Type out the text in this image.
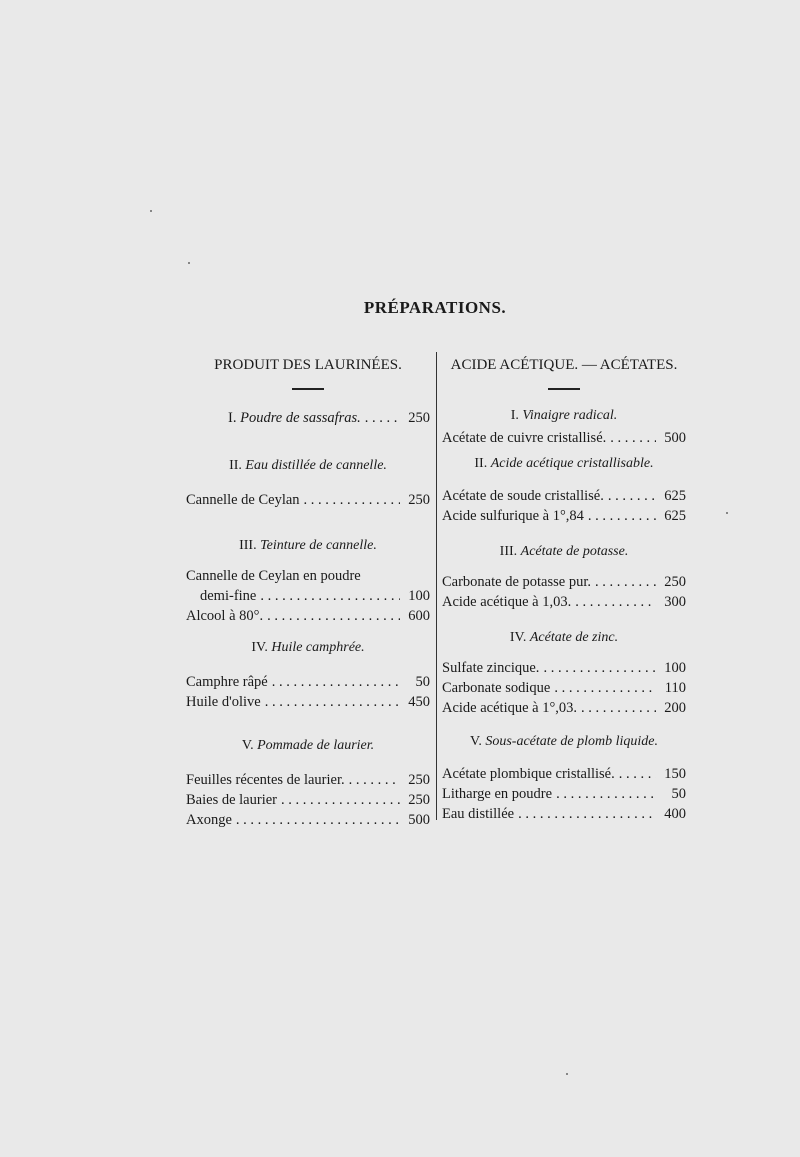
PRÉPARATIONS.
PRODUIT DES LAURINÉES.
I. Poudre de sassafras. . . .	250
II. Eau distillée de cannelle.
Cannelle de Ceylan . . .	250
III. Teinture de cannelle.
Cannelle de Ceylan en poudre
demi-fine . . .	100
Alcool à 80°. . . .	600
IV. Huile camphrée.
Camphre râpé . . .	50
Huile d'olive . . .	450
V. Pommade de laurier.
Feuilles récentes de laurier. . . .	250
Baies de laurier . . .	250
Axonge . . .	500
ACIDE ACÉTIQUE. — ACÉTATES.
I. Vinaigre radical.
Acétate de cuivre cristallisé. . . .	500
II. Acide acétique cristallisable.
Acétate de soude cristallisé. . . .	625
Acide sulfurique à 1°,84 . . .	625
III. Acétate de potasse.
Carbonate de potasse pur. . . .	250
Acide acétique à 1,03. . . .	300
IV. Acétate de zinc.
Sulfate zincique. . . .	100
Carbonate sodique . . .	110
Acide acétique à 1°,03. . . .	200
V. Sous-acétate de plomb liquide.
Acétate plombique cristallisé. . . .	150
Litharge en poudre . . .	50
Eau distillée . . .	400
